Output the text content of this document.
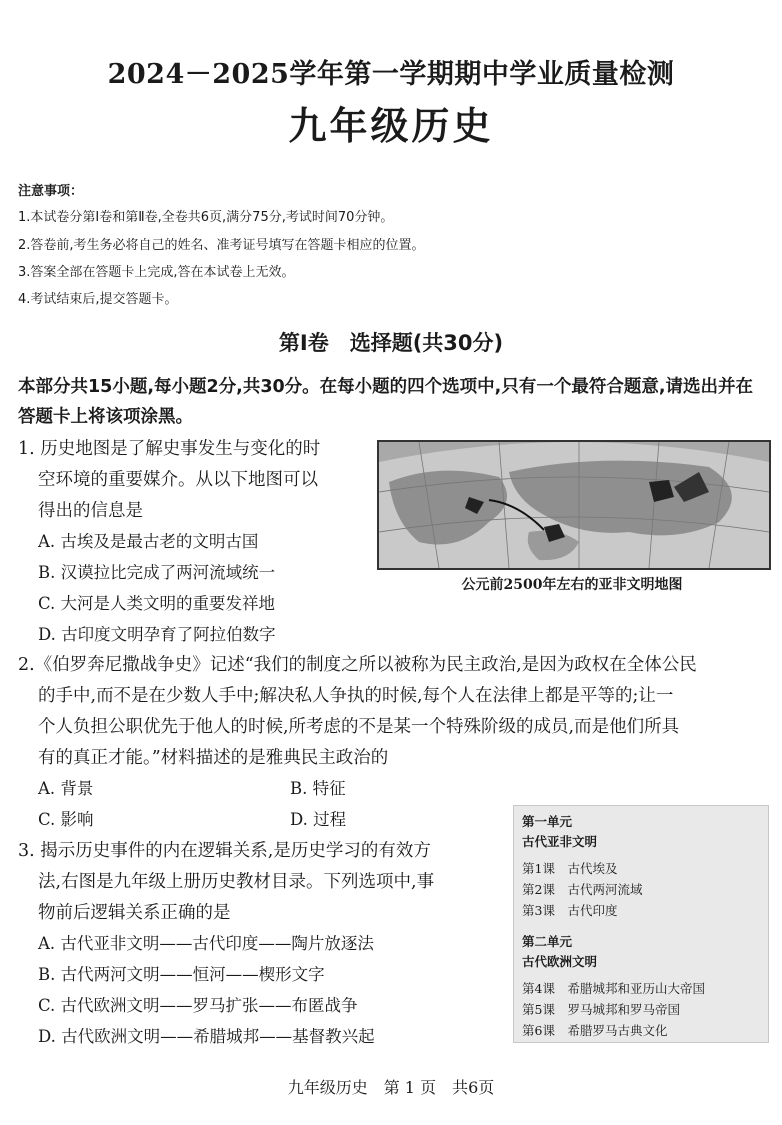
2024－2025学年第一学期期中学业质量检测
九年级历史
注意事项：
1.本试卷分第Ⅰ卷和第Ⅱ卷,全卷共6页,满分75分,考试时间70分钟。
2.答卷前,考生务必将自己的姓名、准考证号填写在答题卡相应的位置。
3.答案全部在答题卡上完成,答在本试卷上无效。
4.考试结束后,提交答题卡。
第Ⅰ卷　选择题(共30分)
本部分共15小题,每小题2分,共30分。在每小题的四个选项中,只有一个最符合题意,请选出并在答题卡上将该项涂黑。
1. 历史地图是了解史事发生与变化的时
空环境的重要媒介。从以下地图可以
得出的信息是
A. 古埃及是最古老的文明古国
B. 汉谟拉比完成了两河流域统一
C. 大河是人类文明的重要发祥地
D. 古印度文明孕育了阿拉伯数字
公元前2500年左右的亚非文明地图
2.《伯罗奔尼撒战争史》记述“我们的制度之所以被称为民主政治,是因为政权在全体公民
的手中,而不是在少数人手中;解决私人争执的时候,每个人在法律上都是平等的;让一
个人负担公职优先于他人的时候,所考虑的不是某一个特殊阶级的成员,而是他们所具
有的真正才能。”材料描述的是雅典民主政治的
A. 背景	B. 特征
C. 影响	D. 过程
3. 揭示历史事件的内在逻辑关系,是历史学习的有效方
法,右图是九年级上册历史教材目录。下列选项中,事
物前后逻辑关系正确的是
A. 古代亚非文明——古代印度——陶片放逐法
B. 古代两河文明——恒河——楔形文字
C. 古代欧洲文明——罗马扩张——布匿战争
D. 古代欧洲文明——希腊城邦——基督教兴起
第一单元
古代亚非文明
第1课　古代埃及
第2课　古代两河流域
第3课　古代印度
第二单元
古代欧洲文明
第4课　希腊城邦和亚历山大帝国
第5课　罗马城邦和罗马帝国
第6课　希腊罗马古典文化
九年级历史　第 1 页　共6页
